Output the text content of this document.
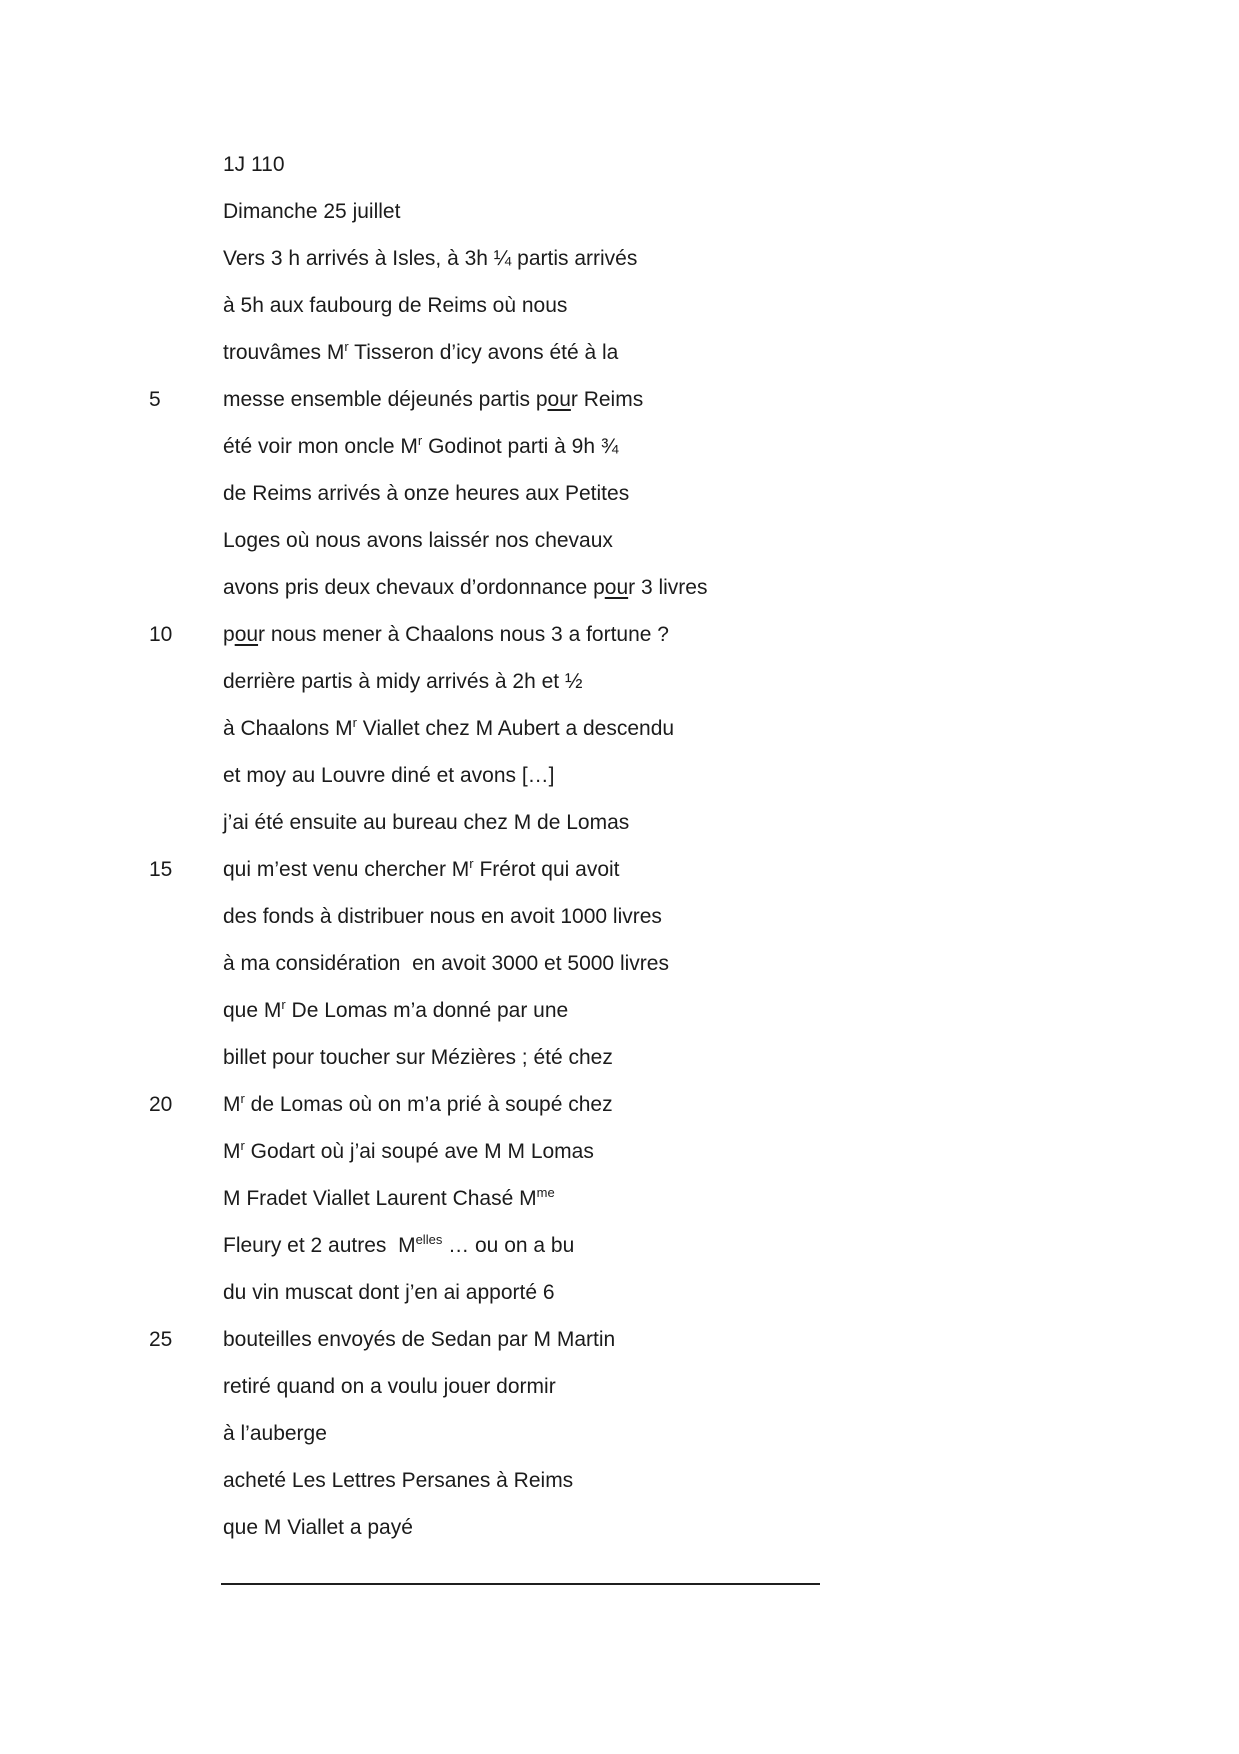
1J 110
Dimanche 25 juillet
Vers 3 h arrivés à Isles, à 3h ¼ partis arrivés
à 5h aux faubourg de Reims où nous
trouvâmes $M^r$ Tisseron d’icy avons été à la
5	messe ensemble déjeunés partis pour Reims
été voir mon oncle $M^r$ Godinot parti à 9h ¾
de Reims arrivés à onze heures aux Petites
Loges où nous avons laissér nos chevaux
avons pris deux chevaux d’ordonnance pour 3 livres
10 pour nous mener à Chaalons nous 3 a fortune ?
derrière partis à midy arrivés à 2h et ½
à Chaalons $M^r$ Viallet chez M Aubert a descendu
et moy au Louvre diné et avons […]
j’ai été ensuite au bureau chez M de Lomas
15 qui m’est venu chercher $M^r$ Frérot qui avoit
des fonds à distribuer nous en avoit 1000 livres
à ma considération  en avoit 3000 et 5000 livres
que $M^r$ De Lomas m’a donné par une
billet pour toucher sur Mézières ; été chez
20 $M^r$ de Lomas où on m’a prié à soupé chez
$M^r$ Godart où j’ai soupé ave M M Lomas
M Fradet Viallet Laurent Chasé $M^{me}$
Fleury et 2 autres  $M^{elles}$ … ou on a bu
du vin muscat dont j’en ai apporté 6
25 bouteilles envoyés de Sedan par M Martin
retiré quand on a voulu jouer dormir
à l’auberge
acheté Les Lettres Persanes à Reims
que M Viallet a payé
